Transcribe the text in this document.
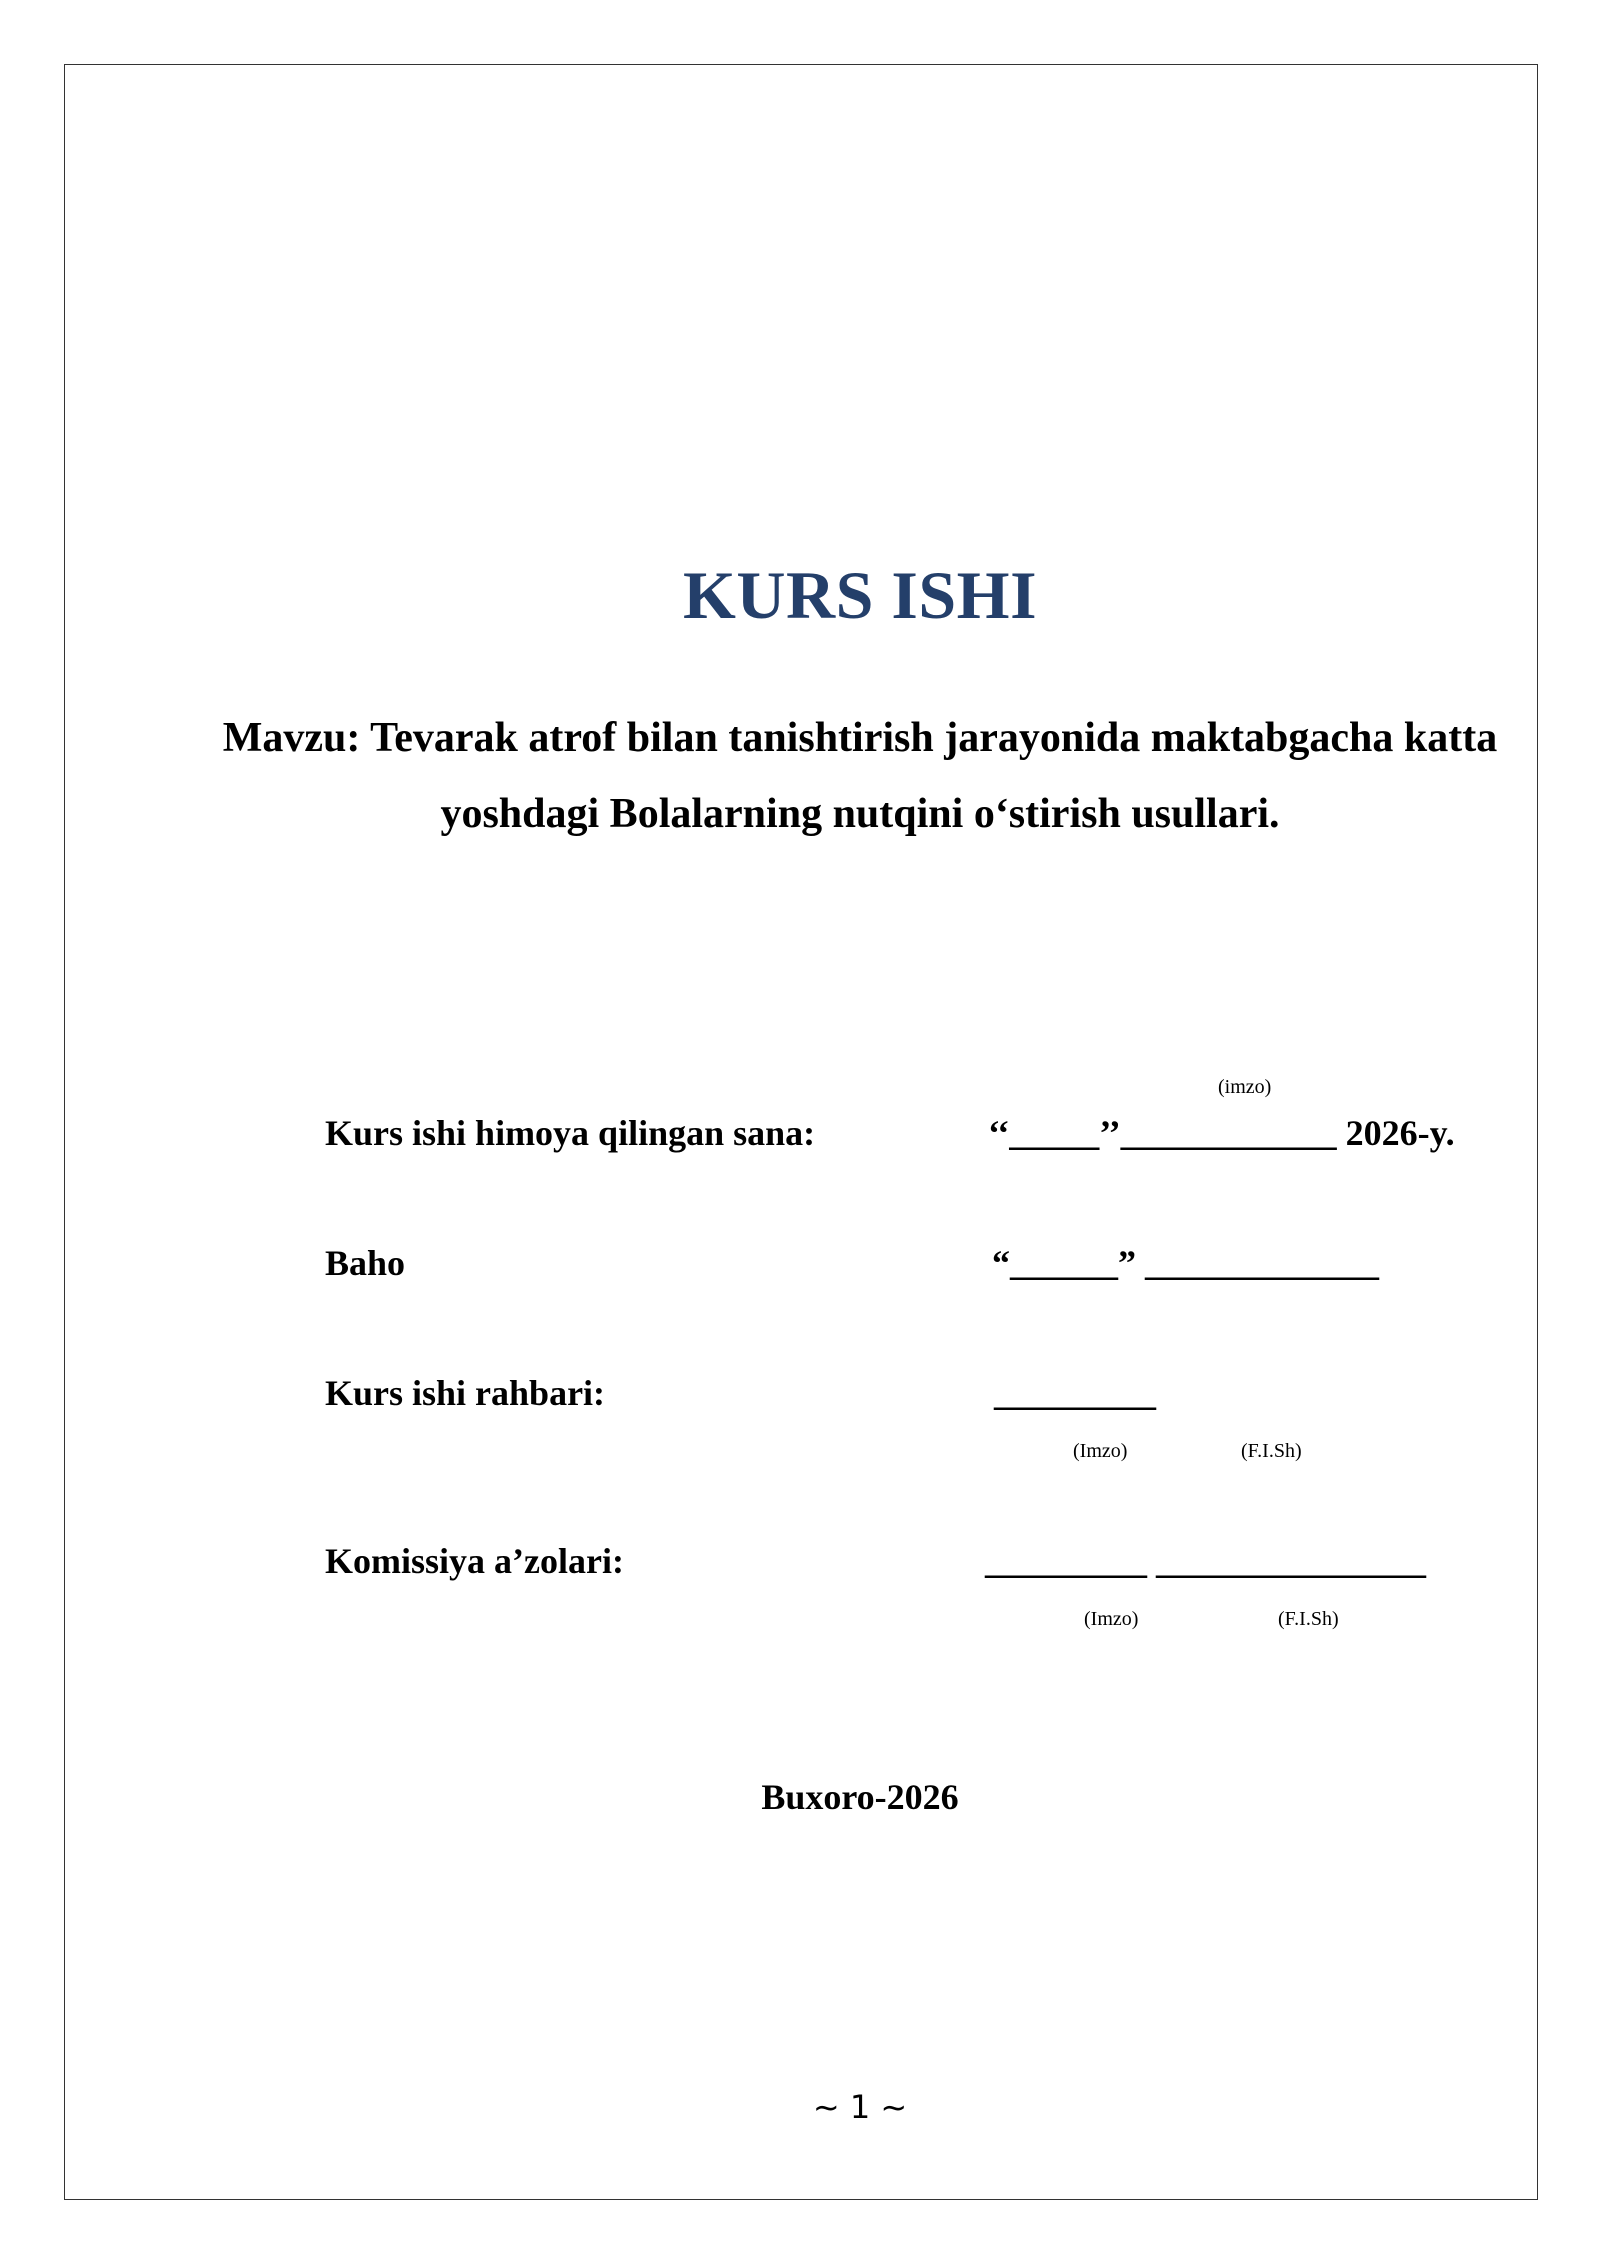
KURS ISHI
Mavzu: Tevarak atrof bilan tanishtirish jarayonida maktabgacha katta yoshdagi Bolalarning nutqini o‘stirish usullari.
(imzo)
Kurs ishi himoya qilingan sana:	‘‘_____’’____________ 2026-y.
Baho	“______” _____________
Kurs ishi rahbari:	_________
(Imzo)	(F.I.Sh)
Komissiya a’zolari:	_________ _______________
(Imzo)	(F.I.Sh)
Buxoro-2026
~ 1 ~
